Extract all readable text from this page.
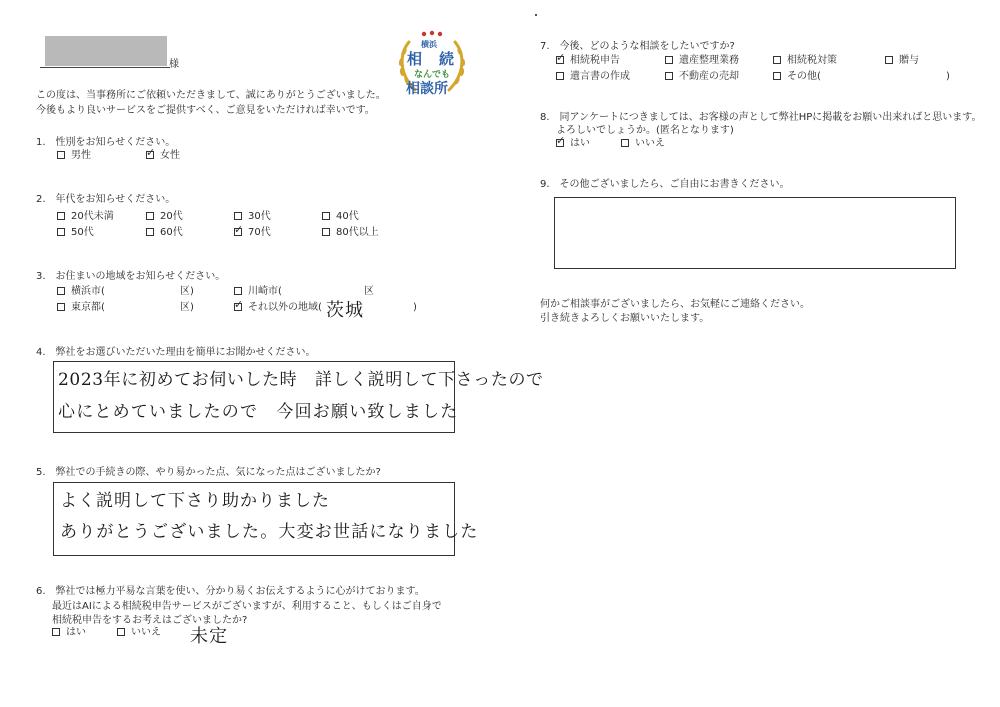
様
この度は、当事務所にご依頼いただきまして、誠にありがとうございました。
今後もより良いサービスをご提供すべく、ご意見をいただければ幸いです。
横浜
相 続
なんでも
相談所
1.　性別をお知らせください。
男性 ✓	女性
2.　年代をお知らせください。
20代未満	20代	30代	40代
50代	60代 ✓	70代	80代以上
3.　お住まいの地域をお知らせください。
横浜市(	区)	川崎市(	区
東京都(	区) ✓	それ以外の地域( 茨城	)
4.　弊社をお選びいただいた理由を簡単にお聞かせください。
2023年に初めてお伺いした時　詳しく説明して下さったので
心にとめていましたので　今回お願い致しました
5.　弊社での手続きの際、やり易かった点、気になった点はございましたか?
よく説明して下さり助かりました
ありがとうございました。大変お世話になりました
6.　弊社では極力平易な言葉を使い、分かり易くお伝えするように心がけております。
最近はAIによる相続税申告サービスがございますが、利用すること、もしくはご自身で
相続税申告をするお考えはございましたか?
はい	いいえ 未定
7.　今後、どのような相談をしたいですか?
✓相続税申告	遺産整理業務	相続税対策	贈与
遺言書の作成	不動産の売却	その他(	)
8.　同アンケートにつきましては、お客様の声として弊社HPに掲載をお願い出来ればと思います。
よろしいでしょうか。(匿名となります)
✓はい	いいえ
9.　その他ございましたら、ご自由にお書きください。
何かご相談事がございましたら、お気軽にご連絡ください。
引き続きよろしくお願いいたします。
